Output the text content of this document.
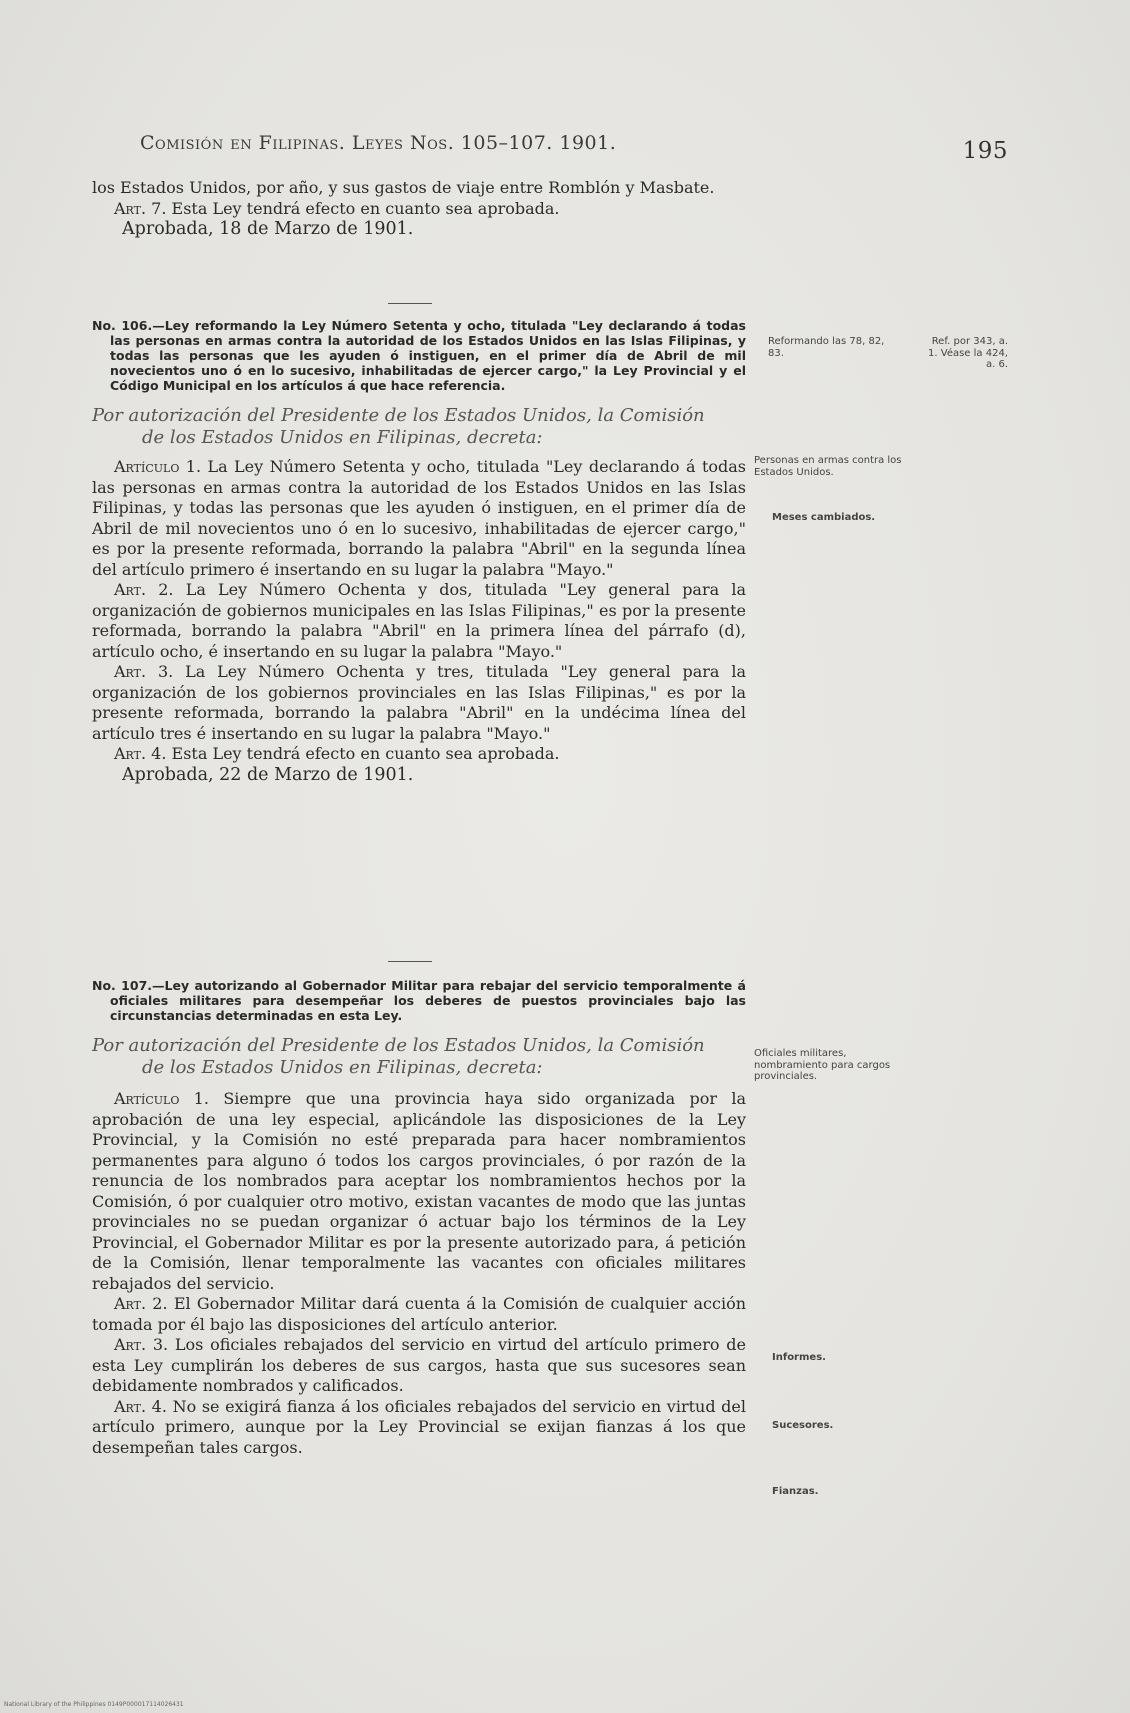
Comisión en Filipinas. Leyes Nos. 105–107. 1901.	195

los Estados Unidos, por año, y sus gastos de viaje entre Romblón y Masbate.

Art. 7. Esta Ley tendrá efecto en cuanto sea aprobada.

Aprobada, 18 de Marzo de 1901.

No. 106.—Ley reformando la Ley Número Setenta y ocho, titulada "Ley declarando á todas las personas en armas contra la autoridad de los Estados Unidos en las Islas Filipinas, y todas las personas que les ayuden ó instiguen, en el primer día de Abril de mil novecientos uno ó en lo sucesivo, inhabilitadas de ejercer cargo," la Ley Provincial y el Código Municipal en los artículos á que hace referencia.

Por autorización del Presidente de los Estados Unidos, la Comisión
de los Estados Unidos en Filipinas, decreta:

Artículo 1. La Ley Número Setenta y ocho, titulada "Ley declarando á todas las personas en armas contra la autoridad de los Estados Unidos en las Islas Filipinas, y todas las personas que les ayuden ó instiguen, en el primer día de Abril de mil novecientos uno ó en lo sucesivo, inhabilitadas de ejercer cargo," es por la presente reformada, borrando la palabra "Abril" en la segunda línea del artículo primero é insertando en su lugar la palabra "Mayo."

Art. 2. La Ley Número Ochenta y dos, titulada "Ley general para la organización de gobiernos municipales en las Islas Filipinas," es por la presente reformada, borrando la palabra "Abril" en la primera línea del párrafo (d), artículo ocho, é insertando en su lugar la palabra "Mayo."

Art. 3. La Ley Número Ochenta y tres, titulada "Ley general para la organización de los gobiernos provinciales en las Islas Filipinas," es por la presente reformada, borrando la palabra "Abril" en la undécima línea del artículo tres é insertando en su lugar la palabra "Mayo."

Art. 4. Esta Ley tendrá efecto en cuanto sea aprobada.

Aprobada, 22 de Marzo de 1901.

Reformando las 78, 82, 83.
Ref. por 343, a. 1. Véase la 424, a. 6.
Personas en armas contra los Estados Unidos.
Meses cambiados.

No. 107.—Ley autorizando al Gobernador Militar para rebajar del servicio temporalmente á oficiales militares para desempeñar los deberes de puestos provinciales bajo las circunstancias determinadas en esta Ley.

Por autorización del Presidente de los Estados Unidos, la Comisión
de los Estados Unidos en Filipinas, decreta:

Artículo 1. Siempre que una provincia haya sido organizada por la aprobación de una ley especial, aplicándole las disposiciones de la Ley Provincial, y la Comisión no esté preparada para hacer nombramientos permanentes para alguno ó todos los cargos provinciales, ó por razón de la renuncia de los nombrados para aceptar los nombramientos hechos por la Comisión, ó por cualquier otro motivo, existan vacantes de modo que las juntas provinciales no se puedan organizar ó actuar bajo los términos de la Ley Provincial, el Gobernador Militar es por la presente autorizado para, á petición de la Comisión, llenar temporalmente las vacantes con oficiales militares rebajados del servicio.

Art. 2. El Gobernador Militar dará cuenta á la Comisión de cualquier acción tomada por él bajo las disposiciones del artículo anterior.

Art. 3. Los oficiales rebajados del servicio en virtud del artículo primero de esta Ley cumplirán los deberes de sus cargos, hasta que sus sucesores sean debidamente nombrados y calificados.

Art. 4. No se exigirá fianza á los oficiales rebajados del servicio en virtud del artículo primero, aunque por la Ley Provincial se exijan fianzas á los que desempeñan tales cargos.

Oficiales militares, nombramiento para cargos provinciales.
Informes.
Sucesores.
Fianzas.
National Library of the Philippines 0149P000017114026431
